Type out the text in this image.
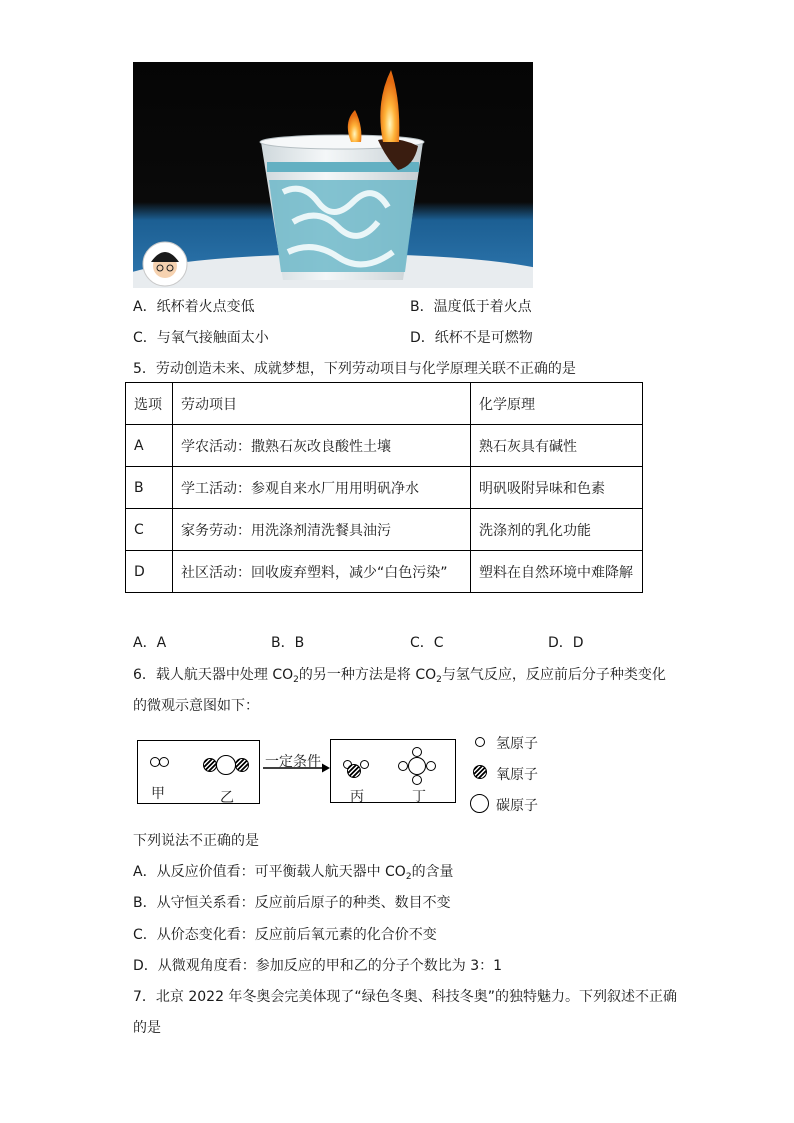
A．纸杯着火点变低	B．温度低于着火点
C．与氧气接触面太小	D．纸杯不是可燃物
5．劳动创造未来、成就梦想，下列劳动项目与化学原理关联不正确的是
选项	劳动项目	化学原理
A	学农活动：撒熟石灰改良酸性土壤	熟石灰具有碱性
B	学工活动：参观自来水厂用用明矾净水	明矾吸附异味和色素
C	家务劳动：用洗涤剂清洗餐具油污	洗涤剂的乳化功能
D	社区活动：回收废弃塑料，减少“白色污染”	塑料在自然环境中难降解
A．A	B．B	C．C	D．D
6．载人航天器中处理 $CO_2$的另一种方法是将 $CO_2$与氢气反应，反应前后分子种类变化
的微观示意图如下：
甲	乙
一定条件
丙	丁
氢原子
氧原子
碳原子
下列说法不正确的是
A．从反应价值看：可平衡载人航天器中 $CO_2$的含量
B．从守恒关系看：反应前后原子的种类、数目不变
C．从价态变化看：反应前后氧元素的化合价不变
D．从微观角度看：参加反应的甲和乙的分子个数比为 3：1
7．北京 2022 年冬奥会完美体现了“绿色冬奥、科技冬奥”的独特魅力。下列叙述不正确
的是
